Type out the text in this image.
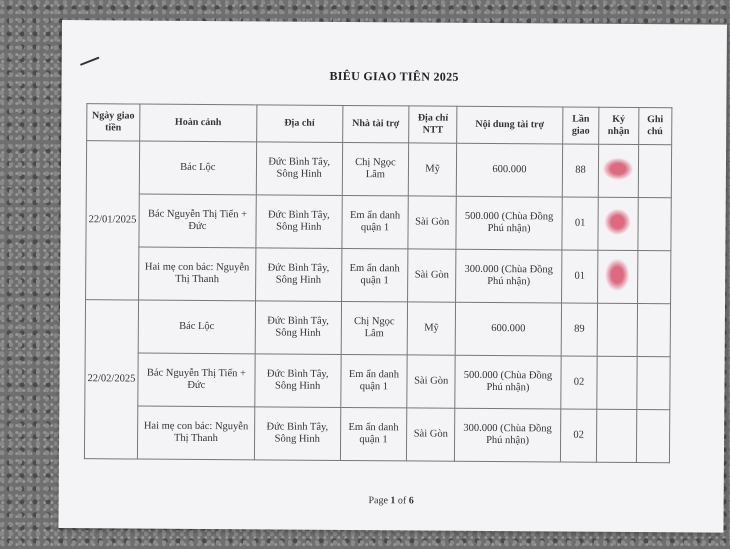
BIÊU GIAO TIÊN 2025
Ngày giao tiền	Hoàn cảnh	Địa chỉ	Nhà tài trợ	Địa chỉ NTT	Nội dung tài trợ	Lần giao	Ký nhận	Ghi chú
22/01/2025	Bác Lộc	Đức Bình Tây, Sông Hinh	Chị Ngọc Lâm	Mỹ	600.000	88		
	Bác Nguyễn Thị Tiến + Đức	Đức Bình Tây, Sông Hinh	Em ẩn danh quận 1	Sài Gòn	500.000 (Chùa Đồng Phú nhận)	01		
	Hai mẹ con bác: Nguyễn Thị Thanh	Đức Bình Tây, Sông Hinh	Em ẩn danh quận 1	Sài Gòn	300.000 (Chùa Đồng Phú nhận)	01		
22/02/2025	Bác Lộc	Đức Bình Tây, Sông Hinh	Chị Ngọc Lâm	Mỹ	600.000	89		
	Bác Nguyễn Thị Tiến + Đức	Đức Bình Tây, Sông Hinh	Em ẩn danh quận 1	Sài Gòn	500.000 (Chùa Đồng Phú nhận)	02		
	Hai mẹ con bác: Nguyễn Thị Thanh	Đức Bình Tây, Sông Hinh	Em ẩn danh quận 1	Sài Gòn	300.000 (Chùa Đồng Phú nhận)	02		
Page 1 of 6
